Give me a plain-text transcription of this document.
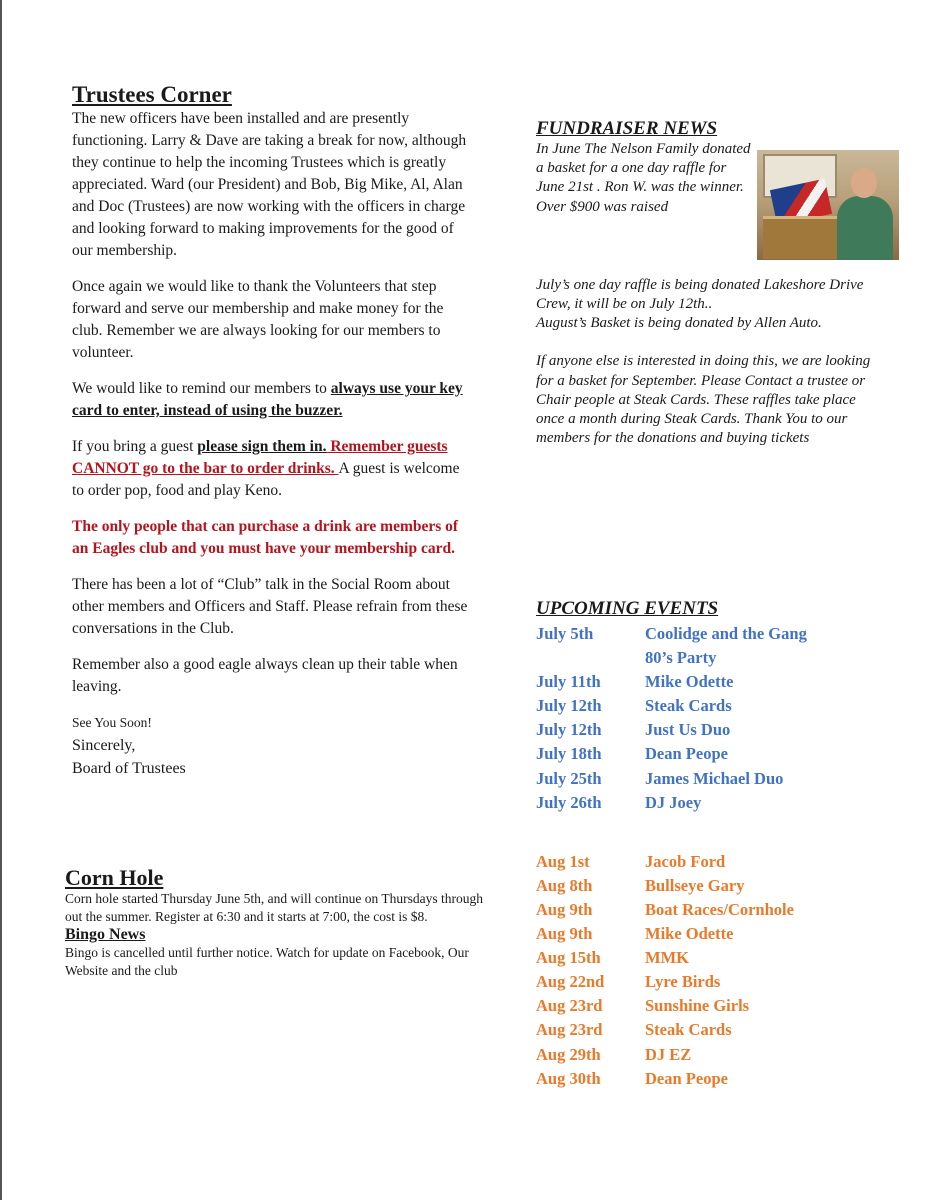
Trustees Corner

The new officers have been installed and are presently functioning. Larry & Dave are taking a break for now, although they continue to help the incoming Trustees which is greatly appreciated. Ward (our President) and Bob, Big Mike, Al, Alan and Doc (Trustees) are now working with the officers in charge and looking forward to making improvements for the good of our membership.

Once again we would like to thank the Volunteers that step forward and serve our membership and make money for the club. Remember we are always looking for our members to volunteer.

We would like to remind our members to always use your key card to enter, instead of using the buzzer.

If you bring a guest please sign them in. Remember guests CANNOT go to the bar to order drinks. A guest is welcome to order pop, food and play Keno.

The only people that can purchase a drink are members of an Eagles club and you must have your membership card.

There has been a lot of “Club” talk in the Social Room about other members and Officers and Staff. Please refrain from these conversations in the Club.

Remember also a good eagle always clean up their table when leaving.

See You Soon!

Sincerely,

Board of Trustees

Corn Hole

Corn hole started Thursday June 5th, and will continue on Thursdays through out the summer. Register at 6:30 and it starts at 7:00, the cost is $8.

Bingo News

Bingo is cancelled until further notice. Watch for update on Facebook, Our Website and the club

FUNDRAISER NEWS

In June The Nelson Family donated a basket for a one day raffle for June 21st . Ron W. was the winner. Over $900 was raised

July’s one day raffle is being donated Lakeshore Drive Crew, it will be on July 12th..

August’s Basket is being donated by Allen Auto.

If anyone else is interested in doing this, we are looking for a basket for September. Please Contact a trustee or Chair people at Steak Cards. These raffles take place once a month during Steak Cards. Thank You to our members for the donations and buying tickets

UPCOMING EVENTS
July 5th	Coolidge and the Gang
80’s Party
July 11th	Mike Odette
July 12th	Steak Cards
July 12th	Just Us Duo
July 18th	Dean Peope
July 25th	James Michael Duo
July 26th	DJ Joey
Aug 1st	Jacob Ford
Aug 8th	Bullseye Gary
Aug 9th	Boat Races/Cornhole
Aug 9th	Mike Odette
Aug 15th	MMK
Aug 22nd	Lyre Birds
Aug 23rd	Sunshine Girls
Aug 23rd	Steak Cards
Aug 29th	DJ EZ
Aug 30th	Dean Peope
